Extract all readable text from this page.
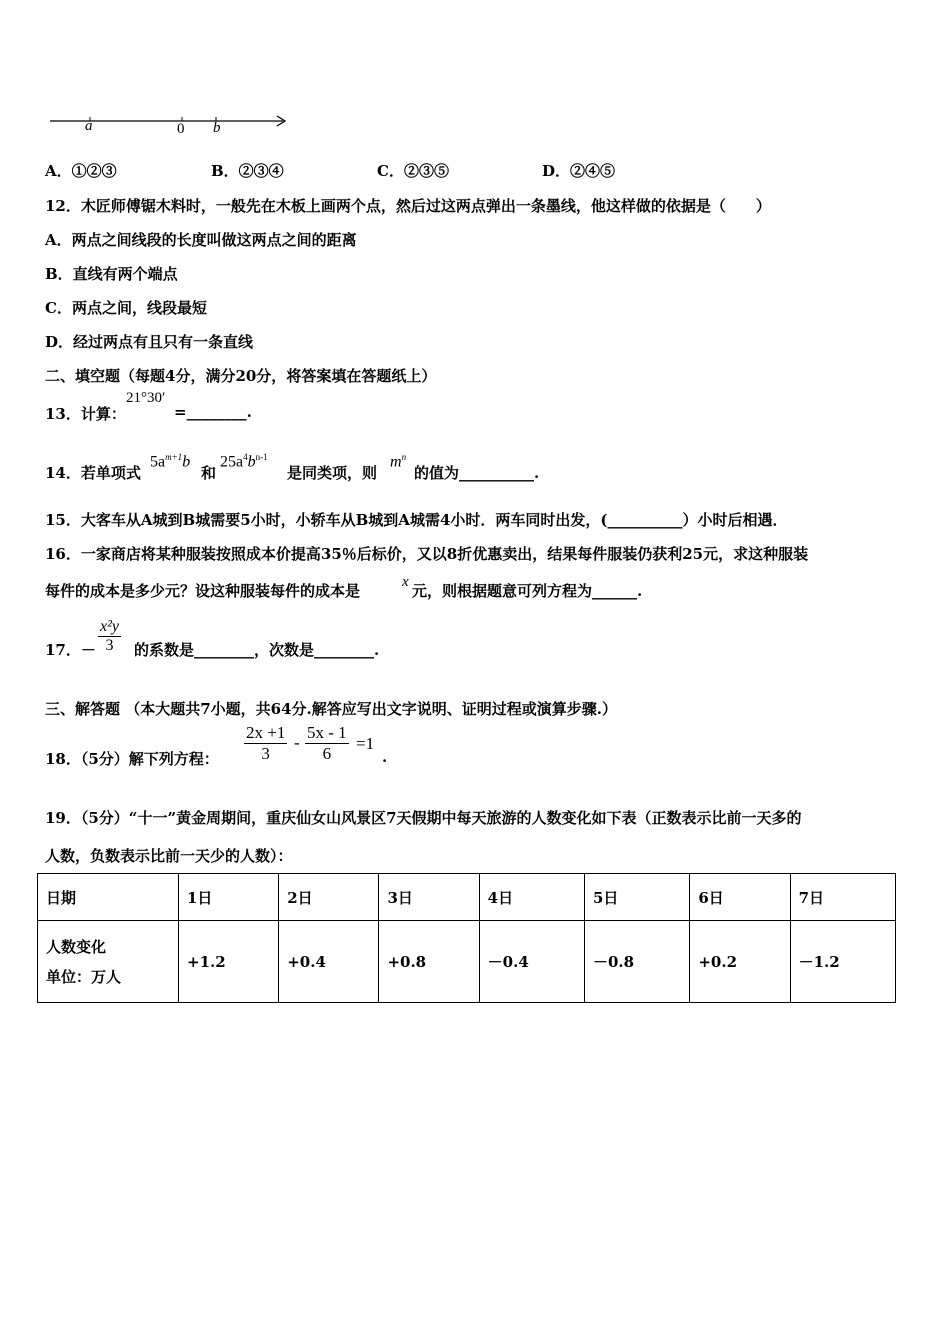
a	0 b
A．①②③	B．②③④	C．②③⑤	D．②④⑤
12．木匠师傅锯木料时，一般先在木板上画两个点，然后过这两点弹出一条墨线，他这样做的依据是（　　）
A．两点之间线段的长度叫做这两点之间的距离
B．直线有两个端点
C．两点之间，线段最短
D．经过两点有且只有一条直线
二、填空题（每题4分，满分20分，将答案填在答题纸上）
13．计算：
21°30′
=________.
14．若单项式
$5a^{m+1}b$
和
$25a^4b^{n-1}$
是同类项，则
$m^n$
的值为__________.
15．大客车从A城到B城需要5小时，小轿车从B城到A城需4小时．两车同时出发，(__________）小时后相遇．
16．一家商店将某种服装按照成本价提高35％后标价，又以8折优惠卖出，结果每件服装仍获利25元，求这种服装
每件的成本是多少元？设这种服装每件的成本是	x 元，则根据题意可列方程为______.
17．－ $\frac{\text{x²y}}{3}$ 的系数是________，次数是________.
三、解答题 （本大题共7小题，共64分.解答应写出文字说明、证明过程或演算步骤.）
18．（5分）解下列方程： $\frac{2x +1}{3} - \frac{5x - 1}{6} =1$
.
19．（5分）“十一”黄金周期间，重庆仙女山风景区7天假期中每天旅游的人数变化如下表（正数表示比前一天多的
人数，负数表示比前一天少的人数）：
日期	1日	2日	3日	4日	5日	6日	7日

人数变化
单位：万人	+1.2	+0.4	+0.8	－0.4	－0.8	+0.2	－1.2
